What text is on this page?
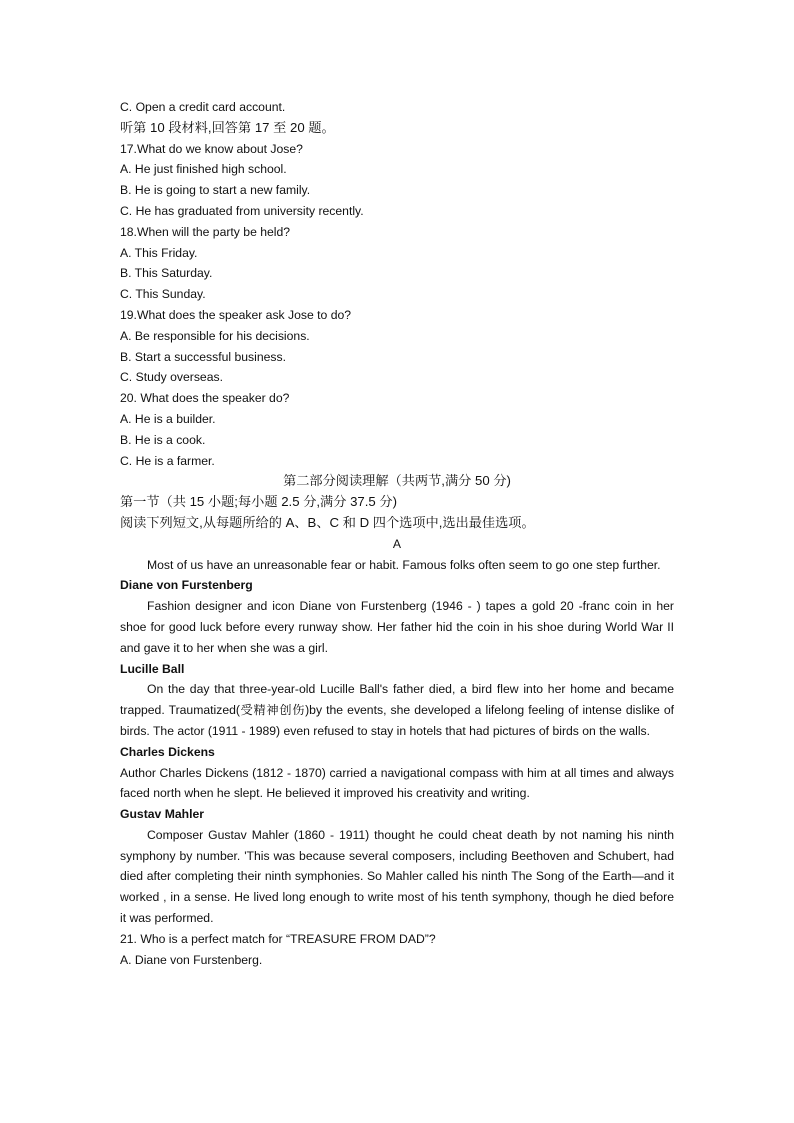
C. Open a credit card account.
听第 10 段材料,回答第 17 至 20 题。
17.What do we know about Jose?
A. He just finished high school.
B. He is going to start a new family.
C. He has graduated from university recently.
18.When will the party be held?
A. This Friday.
B. This Saturday.
C. This Sunday.
19.What does the speaker ask Jose to do?
A. Be responsible for his decisions.
B. Start a successful business.
C. Study overseas.
20. What does the speaker do?
A. He is a builder.
B. He is a cook.
C. He is a farmer.
第二部分阅读理解（共两节,满分 50 分)
第一节（共 15 小题;每小题 2.5 分,满分 37.5 分)
阅读下列短文,从每题所给的 A、B、C 和 D 四个选项中,选出最佳选项。
A
Most of us have an unreasonable fear or habit. Famous folks often seem to go one step further.
Diane von Furstenberg
Fashion designer and icon Diane von Furstenberg (1946 - ) tapes a gold 20 -franc coin in her shoe for good luck before every runway show. Her father hid the coin in his shoe during World War II and gave it to her when she was a girl.
Lucille Ball
On the day that three-year-old Lucille Ball's father died, a bird flew into her home and became trapped. Traumatized(受精神创伤)by the events, she developed a lifelong feeling of intense dislike of birds. The actor (1911 - 1989) even refused to stay in hotels that had pictures of birds on the walls.
Charles Dickens
Author Charles Dickens (1812 - 1870) carried a navigational compass with him at all times and always faced north when he slept. He believed it improved his creativity and writing.
Gustav Mahler
Composer Gustav Mahler (1860 - 1911) thought he could cheat death by not naming his ninth symphony by number. 'This was because several composers, including Beethoven and Schubert, had died after completing their ninth symphonies. So Mahler called his ninth The Song of the Earth—and it worked , in a sense. He lived long enough to write most of his tenth symphony, though he died before it was performed.
21. Who is a perfect match for “TREASURE FROM DAD”?
A. Diane von Furstenberg.
